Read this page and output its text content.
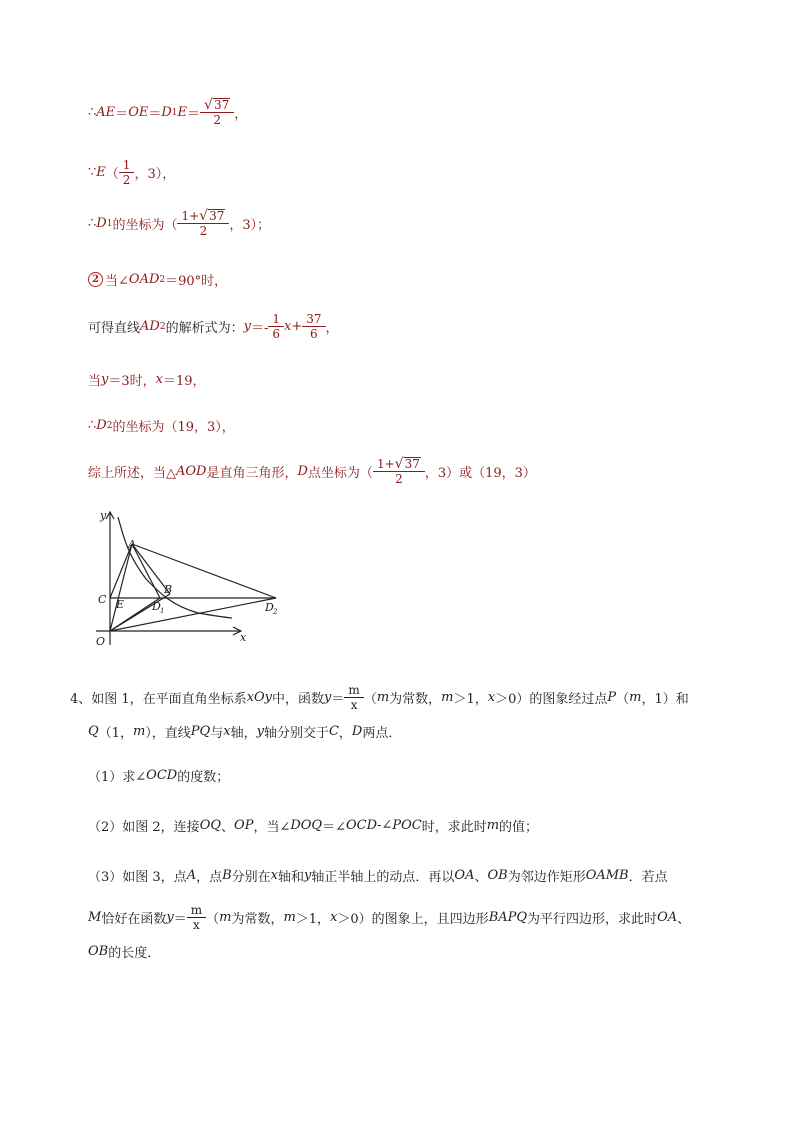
∴ AE ＝ OE ＝ D 1 $E = \frac{√ 37}{2}$ ，
∵ E （ $\frac{1}{2}$ ，3），
∴ D 1 的坐标为（ $\frac{1+ √ 37}{2}$ ，3）；
2 当∠ OAD 2 ＝90°时，
可得直线 AD 2 的解析式为： $y =- \frac{1}{6}$ $x + \frac{37}{6}$ ，
当 y ＝3时， x ＝19，
∴ D 2 的坐标为（19，3），
综上所述，当△ AOD 是直角三角形， D 点坐标为（ $\frac{1+ √ 37}{2}$ ，3）或（19，3）
y
x
O
A
B
C E	D 1	D 2
4、 如图 1，在平面直角坐标系 xOy 中，函数 $y = \frac{m}{x}$ （ m 为常数， m ＞1， x ＞0）的图象经过点 P （ m ，1）和
Q （1， m ），直线 PQ 与 x 轴， y 轴分别交于 C ， D 两点．
（1）求∠ OCD 的度数；
（2）如图 2，连接 OQ 、 OP ，当∠ DOQ ＝∠ OCD -∠ POC 时，求此时 m 的值；
（3）如图 3，点 A ，点 B 分别在 x 轴和 y 轴正半轴上的动点．再以 OA 、 OB 为邻边作矩形 OAMB ．若点
M 恰好在函数 $y = \frac{m}{x}$ （ m 为常数， m ＞1， x ＞0）的图象上，且四边形 BAPQ 为平行四边形，求此时 OA 、
OB 的长度．
